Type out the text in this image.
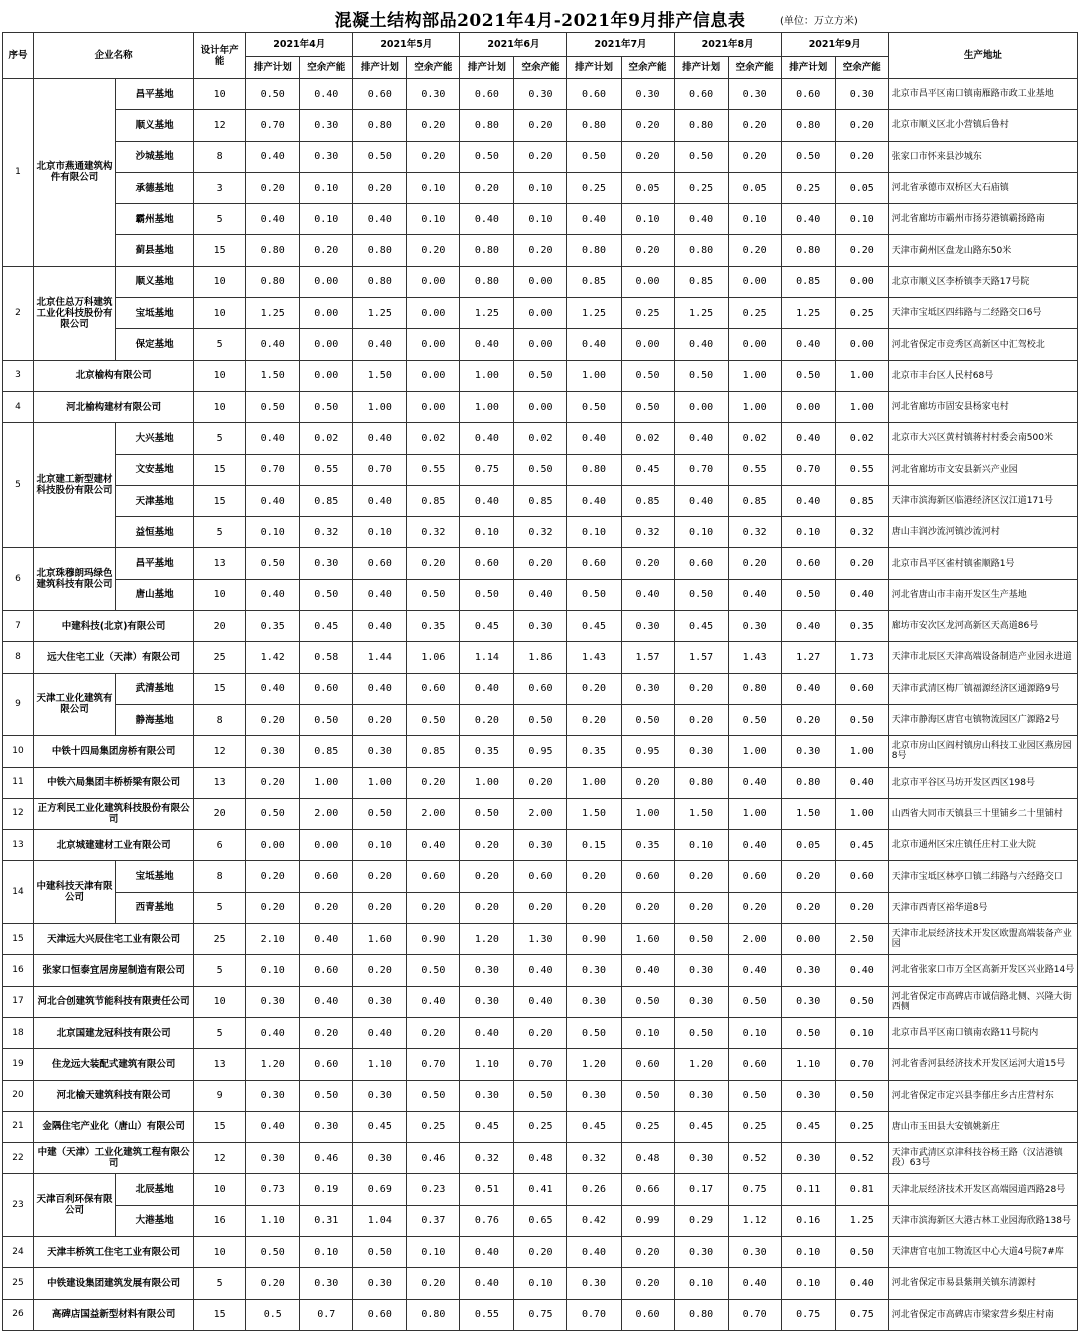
混凝土结构部品2021年4月-2021年9月排产信息表	(单位：万立方米)
序号	企业名称		设计年产能	2021年4月		2021年5月		2021年6月		2021年7月		2021年8月		2021年9月		生产地址
				排产计划	空余产能	排产计划	空余产能	排产计划	空余产能	排产计划	空余产能	排产计划	空余产能	排产计划	空余产能	
1	北京市燕通建筑构件有限公司	昌平基地	10	0.50	0.40	0.60	0.30	0.60	0.30	0.60	0.30	0.60	0.30	0.60	0.30	北京市昌平区南口镇南雁路市政工业基地
		顺义基地	12	0.70	0.30	0.80	0.20	0.80	0.20	0.80	0.20	0.80	0.20	0.80	0.20	北京市顺义区北小营镇后鲁村
		沙城基地	8	0.40	0.30	0.50	0.20	0.50	0.20	0.50	0.20	0.50	0.20	0.50	0.20	张家口市怀来县沙城东
		承德基地	3	0.20	0.10	0.20	0.10	0.20	0.10	0.25	0.05	0.25	0.05	0.25	0.05	河北省承德市双桥区大石庙镇
		霸州基地	5	0.40	0.10	0.40	0.10	0.40	0.10	0.40	0.10	0.40	0.10	0.40	0.10	河北省廊坊市霸州市扬芬港镇霸扬路南
		蓟县基地	15	0.80	0.20	0.80	0.20	0.80	0.20	0.80	0.20	0.80	0.20	0.80	0.20	天津市蓟州区盘龙山路东50米
2	北京住总万科建筑工业化科技股份有限公司	顺义基地	10	0.80	0.00	0.80	0.00	0.80	0.00	0.85	0.00	0.85	0.00	0.85	0.00	北京市顺义区李桥镇李天路17号院
		宝坻基地	10	1.25	0.00	1.25	0.00	1.25	0.00	1.25	0.25	1.25	0.25	1.25	0.25	天津市宝坻区四纬路与二经路交口6号
		保定基地	5	0.40	0.00	0.40	0.00	0.40	0.00	0.40	0.00	0.40	0.00	0.40	0.00	河北省保定市竞秀区高新区中汇驾校北
3	北京榆构有限公司		10	1.50	0.00	1.50	0.00	1.00	0.50	1.00	0.50	0.50	1.00	0.50	1.00	北京市丰台区人民村68号
4	河北榆构建材有限公司		10	0.50	0.50	1.00	0.00	1.00	0.00	0.50	0.50	0.00	1.00	0.00	1.00	河北省廊坊市固安县杨家屯村
5	北京建工新型建材科技股份有限公司	大兴基地	5	0.40	0.02	0.40	0.02	0.40	0.02	0.40	0.02	0.40	0.02	0.40	0.02	北京市大兴区黄村镇蒋村村委会南500米
		文安基地	15	0.70	0.55	0.70	0.55	0.75	0.50	0.80	0.45	0.70	0.55	0.70	0.55	河北省廊坊市文安县新兴产业园
		天津基地	15	0.40	0.85	0.40	0.85	0.40	0.85	0.40	0.85	0.40	0.85	0.40	0.85	天津市滨海新区临港经济区汉江道171号
		益恒基地	5	0.10	0.32	0.10	0.32	0.10	0.32	0.10	0.32	0.10	0.32	0.10	0.32	唐山丰润沙流河镇沙流河村
6	北京珠穆朗玛绿色建筑科技有限公司	昌平基地	13	0.50	0.30	0.60	0.20	0.60	0.20	0.60	0.20	0.60	0.20	0.60	0.20	北京市昌平区雀村镇雀顺路1号
		唐山基地	10	0.40	0.50	0.40	0.50	0.50	0.40	0.50	0.40	0.50	0.40	0.50	0.40	河北省唐山市丰南开发区生产基地
7	中建科技(北京)有限公司		20	0.35	0.45	0.40	0.35	0.45	0.30	0.45	0.30	0.45	0.30	0.40	0.35	廊坊市安次区龙河高新区天高道86号
8	远大住宅工业（天津）有限公司		25	1.42	0.58	1.44	1.06	1.14	1.86	1.43	1.57	1.57	1.43	1.27	1.73	天津市北辰区天津高端设备制造产业园永进道
9	天津工业化建筑有限公司	武清基地	15	0.40	0.60	0.40	0.60	0.40	0.60	0.20	0.30	0.20	0.80	0.40	0.60	天津市武清区梅厂镇福源经济区通源路9号
		静海基地	8	0.20	0.50	0.20	0.50	0.20	0.50	0.20	0.50	0.20	0.50	0.20	0.50	天津市静海区唐官屯镇物流园区广源路2号
10	中铁十四局集团房桥有限公司		12	0.30	0.85	0.30	0.85	0.35	0.95	0.35	0.95	0.30	1.00	0.30	1.00	北京市房山区阎村镇房山科技工业园区燕房园8号
11	中铁六局集团丰桥桥梁有限公司		13	0.20	1.00	1.00	0.20	1.00	0.20	1.00	0.20	0.80	0.40	0.80	0.40	北京市平谷区马坊开发区西区198号
12	正方利民工业化建筑科技股份有限公司		20	0.50	2.00	0.50	2.00	0.50	2.00	1.50	1.00	1.50	1.00	1.50	1.00	山西省大同市天镇县三十里铺乡二十里铺村
13	北京城建建材工业有限公司		6	0.00	0.00	0.10	0.40	0.20	0.30	0.15	0.35	0.10	0.40	0.05	0.45	北京市通州区宋庄镇任庄村工业大院
14	中建科技天津有限公司	宝坻基地	8	0.20	0.60	0.20	0.60	0.20	0.60	0.20	0.60	0.20	0.60	0.20	0.60	天津市宝坻区林亭口镇二纬路与六经路交口
		西青基地	5	0.20	0.20	0.20	0.20	0.20	0.20	0.20	0.20	0.20	0.20	0.20	0.20	天津市西青区裕华道8号
15	天津远大兴辰住宅工业有限公司		25	2.10	0.40	1.60	0.90	1.20	1.30	0.90	1.60	0.50	2.00	0.00	2.50	天津市北辰经济技术开发区欧盟高端装备产业园
16	张家口恒泰宜居房屋制造有限公司		5	0.10	0.60	0.20	0.50	0.30	0.40	0.30	0.40	0.30	0.40	0.30	0.40	河北省张家口市万全区高新开发区兴业路14号
17	河北合创建筑节能科技有限责任公司		10	0.30	0.40	0.30	0.40	0.30	0.40	0.30	0.50	0.30	0.50	0.30	0.50	河北省保定市高碑店市诚信路北侧、兴隆大街西侧
18	北京国建龙冠科技有限公司		5	0.40	0.20	0.40	0.20	0.40	0.20	0.50	0.10	0.50	0.10	0.50	0.10	北京市昌平区南口镇南农路11号院内
19	住龙远大装配式建筑有限公司		13	1.20	0.60	1.10	0.70	1.10	0.70	1.20	0.60	1.20	0.60	1.10	0.70	河北省香河县经济技术开发区运河大道15号
20	河北榆天建筑科技有限公司		9	0.30	0.50	0.30	0.50	0.30	0.50	0.30	0.50	0.30	0.50	0.30	0.50	河北省保定市定兴县李郁庄乡古庄营村东
21	金隅住宅产业化（唐山）有限公司		15	0.40	0.30	0.45	0.25	0.45	0.25	0.45	0.25	0.45	0.25	0.45	0.25	唐山市玉田县大安镇姚新庄
22	中建（天津）工业化建筑工程有限公司		12	0.30	0.46	0.30	0.46	0.32	0.48	0.32	0.48	0.30	0.52	0.30	0.52	天津市武清区京津科技谷杨王路（汉洁港镇段）63号
23	天津百利环保有限公司	北辰基地	10	0.73	0.19	0.69	0.23	0.51	0.41	0.26	0.66	0.17	0.75	0.11	0.81	天津北辰经济技术开发区高端园道西路28号
		大港基地	16	1.10	0.31	1.04	0.37	0.76	0.65	0.42	0.99	0.29	1.12	0.16	1.25	天津市滨海新区大港古林工业园海欣路138号
24	天津丰桥筑工住宅工业有限公司		10	0.50	0.10	0.50	0.10	0.40	0.20	0.40	0.20	0.30	0.30	0.10	0.50	天津唐官屯加工物流区中心大道4号院7#库
25	中铁建设集团建筑发展有限公司		5	0.20	0.30	0.30	0.20	0.40	0.10	0.30	0.20	0.10	0.40	0.10	0.40	河北省保定市易县紫荆关镇东清源村
26	高碑店国益新型材料有限公司		15	0.5	0.7	0.60	0.80	0.55	0.75	0.70	0.60	0.80	0.70	0.75	0.75	河北省保定市高碑店市梁家营乡梨庄村南
